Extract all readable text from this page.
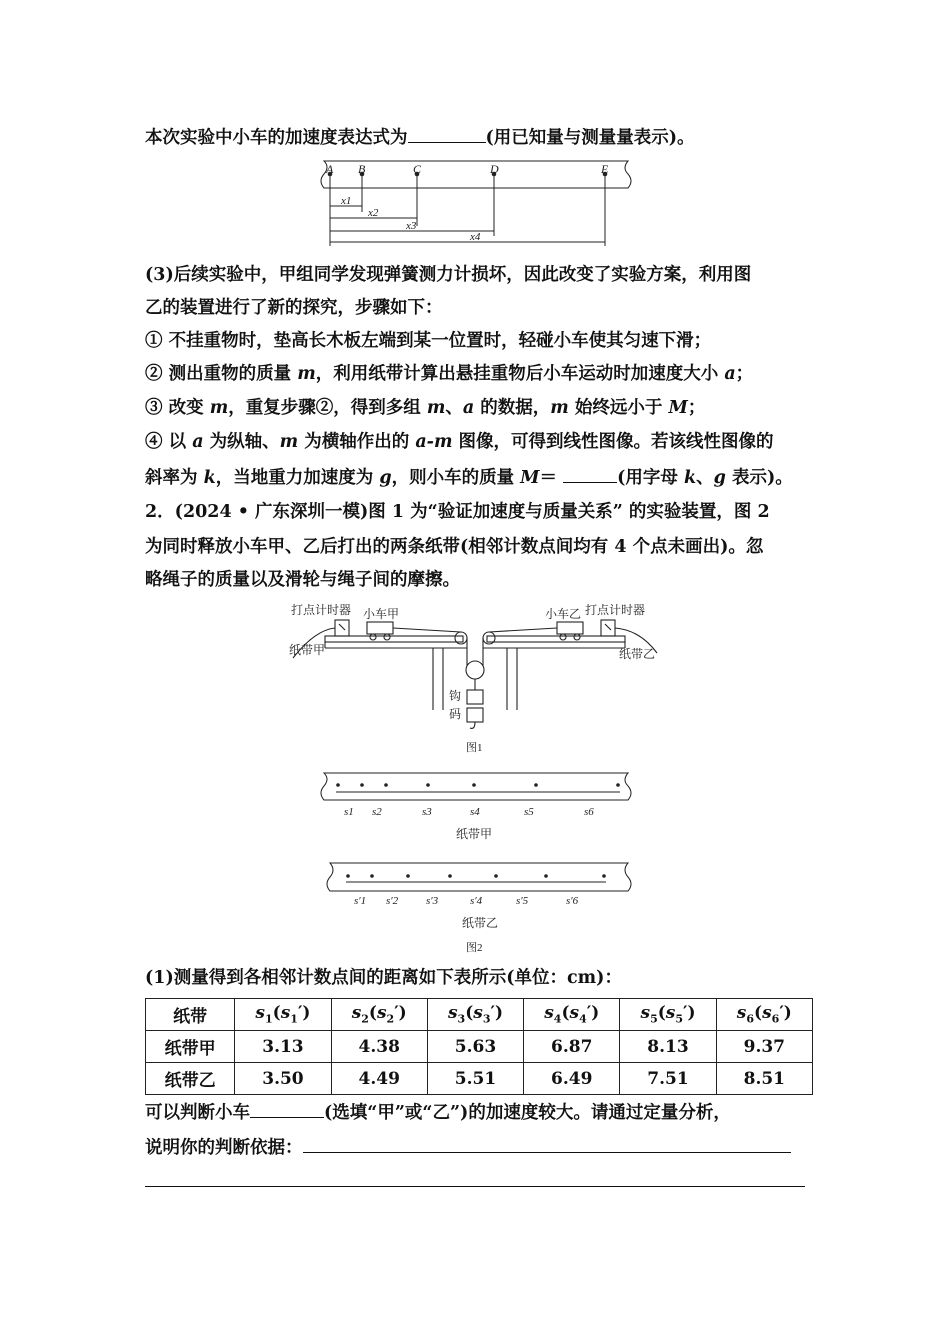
本次实验中小车的加速度表达式为	(用已知量与测量量表示)。
A B	C	D	E
x1
x2
x3
x4
(3)后续实验中，甲组同学发现弹簧测力计损坏，因此改变了实验方案，利用图
乙的装置进行了新的探究，步骤如下：
① 不挂重物时，垫高长木板左端到某一位置时，轻碰小车使其匀速下滑；
② 测出重物的质量 m，利用纸带计算出悬挂重物后小车运动时加速度大小 a；
③ 改变 m，重复步骤②，得到多组 m、a 的数据，m 始终远小于 M；
④ 以 a 为纵轴、m 为横轴作出的 a-m 图像，可得到线性图像。若该线性图像的
斜率为 k，当地重力加速度为 g，则小车的质量 M＝	(用字母 k、g 表示)。
2．(2024 • 广东深圳一模)图 1 为“验证加速度与质量关系” 的实验装置，图 2
为同时释放小车甲、乙后打出的两条纸带(相邻计数点间均有 4 个点未画出)。忽
略绳子的质量以及滑轮与绳子间的摩擦。
打点计时器 小车甲
纸带甲
打点计时器
小车乙
纸带乙
钩
码
图1
s1 s2	s3	s4	s5	s6
s′1 s′2	s′3	s′4	s′5	s′6
纸带甲
纸带乙
图2
(1)测量得到各相邻计数点间的距离如下表所示(单位：cm)：
纸带	$s_1(s_1')$	$s_2(s_2')$	$s_3(s_3')$	$s_4(s_4')$	$s_5(s_5')$	$s_6(s_6')$
纸带甲	3.13	4.38	5.63	6.87	8.13	9.37
纸带乙	3.50	4.49	5.51	6.49	7.51	8.51
可以判断小车	(选填“甲”或“乙”)的加速度较大。请通过定量分析，
说明你的判断依据：
